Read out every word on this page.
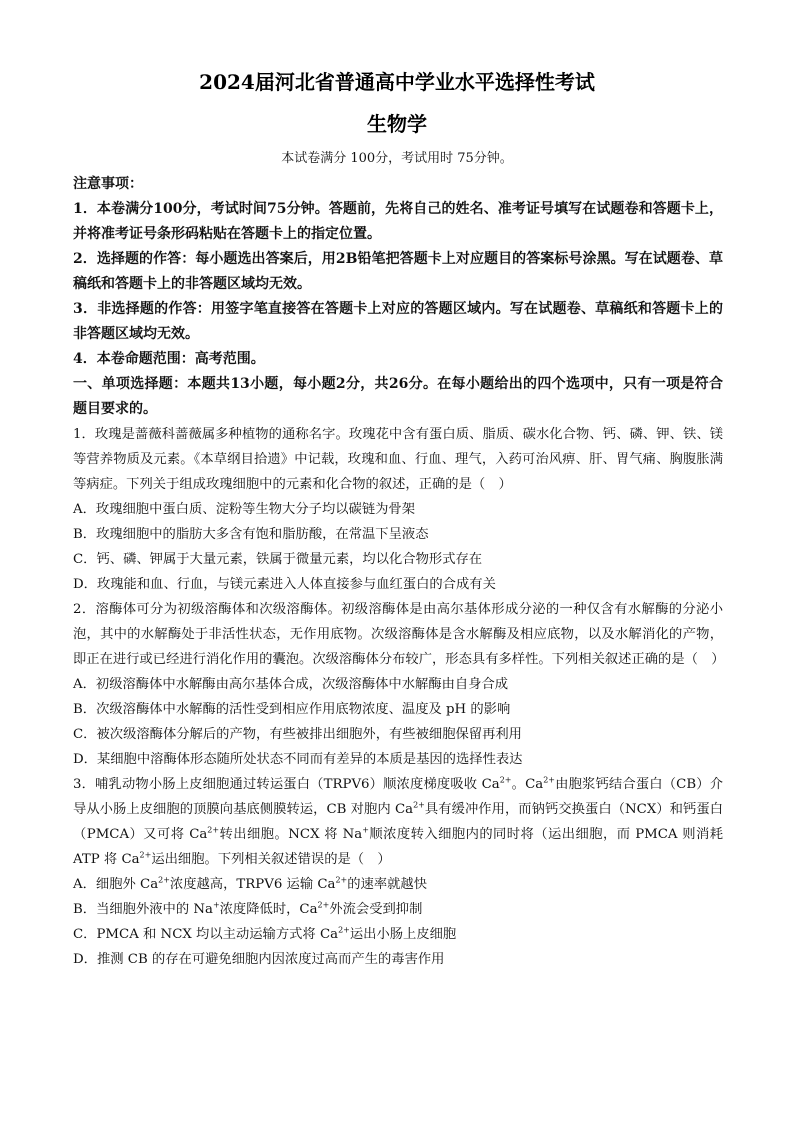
2024届河北省普通高中学业水平选择性考试
生物学
本试卷满分 100分，考试用时 75分钟。

注意事项：

1．本卷满分100分，考试时间75分钟。答题前，先将自己的姓名、准考证号填写在试题卷和答题卡上，并将准考证号条形码粘贴在答题卡上的指定位置。

2．选择题的作答：每小题选出答案后，用2B铅笔把答题卡上对应题目的答案标号涂黑。写在试题卷、草稿纸和答题卡上的非答题区域均无效。

3．非选择题的作答：用签字笔直接答在答题卡上对应的答题区域内。写在试题卷、草稿纸和答题卡上的非答题区域均无效。

4．本卷命题范围：高考范围。

一、单项选择题：本题共13小题，每小题2分，共26分。在每小题给出的四个选项中，只有一项是符合题目要求的。

1．玫瑰是蔷薇科蔷薇属多种植物的通称名字。玫瑰花中含有蛋白质、脂质、碳水化合物、钙、磷、钾、铁、镁等营养物质及元素。《本草纲目拾遗》中记载，玫瑰和血、行血、理气，入药可治风痹、肝、胃气痛、胸腹胀满等病症。下列关于组成玫瑰细胞中的元素和化合物的叙述，正确的是（　）

A．玫瑰细胞中蛋白质、淀粉等生物大分子均以碳链为骨架

B．玫瑰细胞中的脂肪大多含有饱和脂肪酸，在常温下呈液态

C．钙、磷、钾属于大量元素，铁属于微量元素，均以化合物形式存在

D．玫瑰能和血、行血，与镁元素进入人体直接参与血红蛋白的合成有关

2．溶酶体可分为初级溶酶体和次级溶酶体。初级溶酶体是由高尔基体形成分泌的一种仅含有水解酶的分泌小泡，其中的水解酶处于非活性状态，无作用底物。次级溶酶体是含水解酶及相应底物，以及水解消化的产物，即正在进行或已经进行消化作用的囊泡。次级溶酶体分布较广，形态具有多样性。下列相关叙述正确的是（　）

A．初级溶酶体中水解酶由高尔基体合成，次级溶酶体中水解酶由自身合成

B．次级溶酶体中水解酶的活性受到相应作用底物浓度、温度及 pH 的影响

C．被次级溶酶体分解后的产物，有些被排出细胞外，有些被细胞保留再利用

D．某细胞中溶酶体形态随所处状态不同而有差异的本质是基因的选择性表达

3．哺乳动物小肠上皮细胞通过转运蛋白（TRPV6）顺浓度梯度吸收 $Ca^{2+}$。$Ca^{2+}$由胞浆钙结合蛋白（CB）介导从小肠上皮细胞的顶膜向基底侧膜转运，CB 对胞内 $Ca^{2+}$具有缓冲作用，而钠钙交换蛋白（NCX）和钙蛋白（PMCA）又可将 $Ca^{2+}$转出细胞。NCX 将 Na+顺浓度转入细胞内的同时将（运出细胞，而 PMCA 则消耗 ATP 将 $Ca^{2+}$运出细胞。下列相关叙述错误的是（　）

A．细胞外 $Ca^{2+}$浓度越高，TRPV6 运输 $Ca^{2+}$的速率就越快

B．当细胞外液中的 Na+浓度降低时，$Ca^{2+}$外流会受到抑制

C．PMCA 和 NCX 均以主动运输方式将 $Ca^{2+}$运出小肠上皮细胞

D．推测 CB 的存在可避免细胞内因浓度过高而产生的毒害作用
